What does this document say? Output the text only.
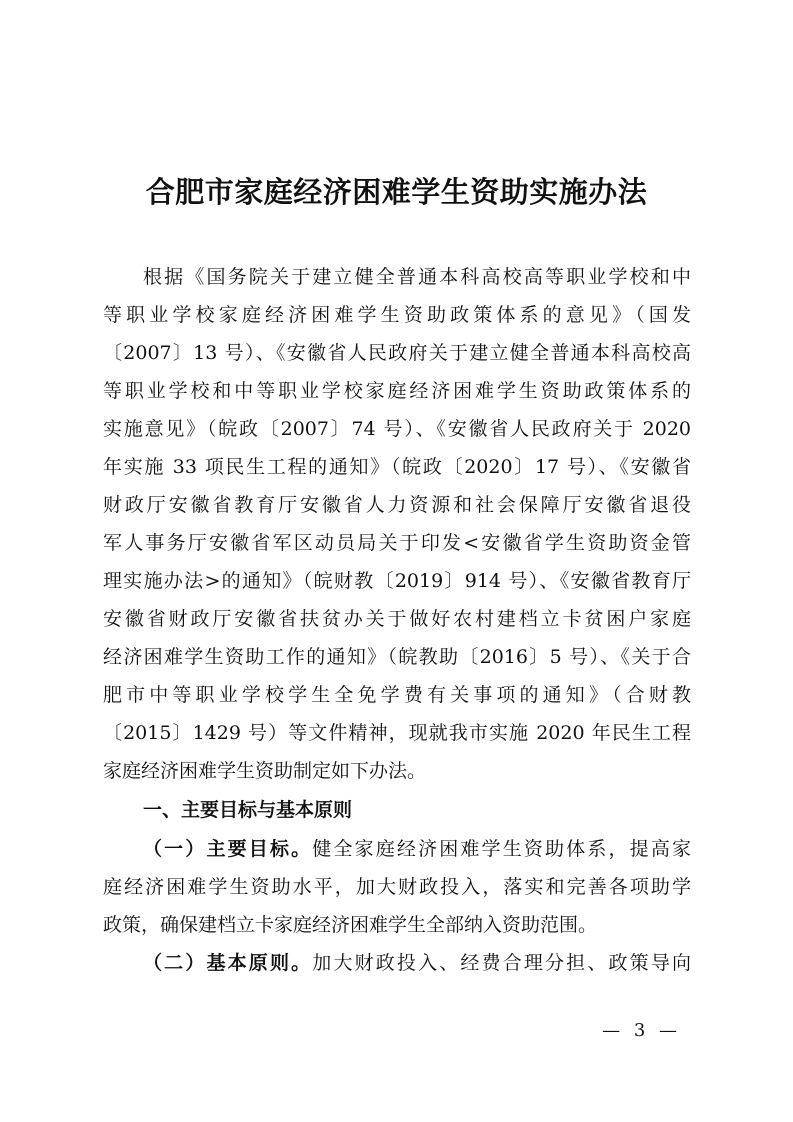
合肥市家庭经济困难学生资助实施办法
根据《国务院关于建立健全普通本科高校高等职业学校和中
等职业学校家庭经济困难学生资助政策体系的意见》（国发
〔2007〕13 号）、《安徽省人民政府关于建立健全普通本科高校高
等职业学校和中等职业学校家庭经济困难学生资助政策体系的
实施意见》（皖政〔2007〕74 号）、《安徽省人民政府关于 2020
年实施 33 项民生工程的通知》（皖政〔2020〕17 号）、《安徽省
财政厅安徽省教育厅安徽省人力资源和社会保障厅安徽省退役
军人事务厅安徽省军区动员局关于印发<安徽省学生资助资金管
理实施办法>的通知》（皖财教〔2019〕914 号）、《安徽省教育厅
安徽省财政厅安徽省扶贫办关于做好农村建档立卡贫困户家庭
经济困难学生资助工作的通知》（皖教助〔2016〕5 号）、《关于合
肥市中等职业学校学生全免学费有关事项的通知》（合财教
〔2015〕1429 号）等文件精神，现就我市实施 2020 年民生工程
家庭经济困难学生资助制定如下办法。
一、主要目标与基本原则
（一）主要目标。健全家庭经济困难学生资助体系，提高家
庭经济困难学生资助水平，加大财政投入，落实和完善各项助学
政策，确保建档立卡家庭经济困难学生全部纳入资助范围。
（二）基本原则。加大财政投入、经费合理分担、政策导向
— 3 —
